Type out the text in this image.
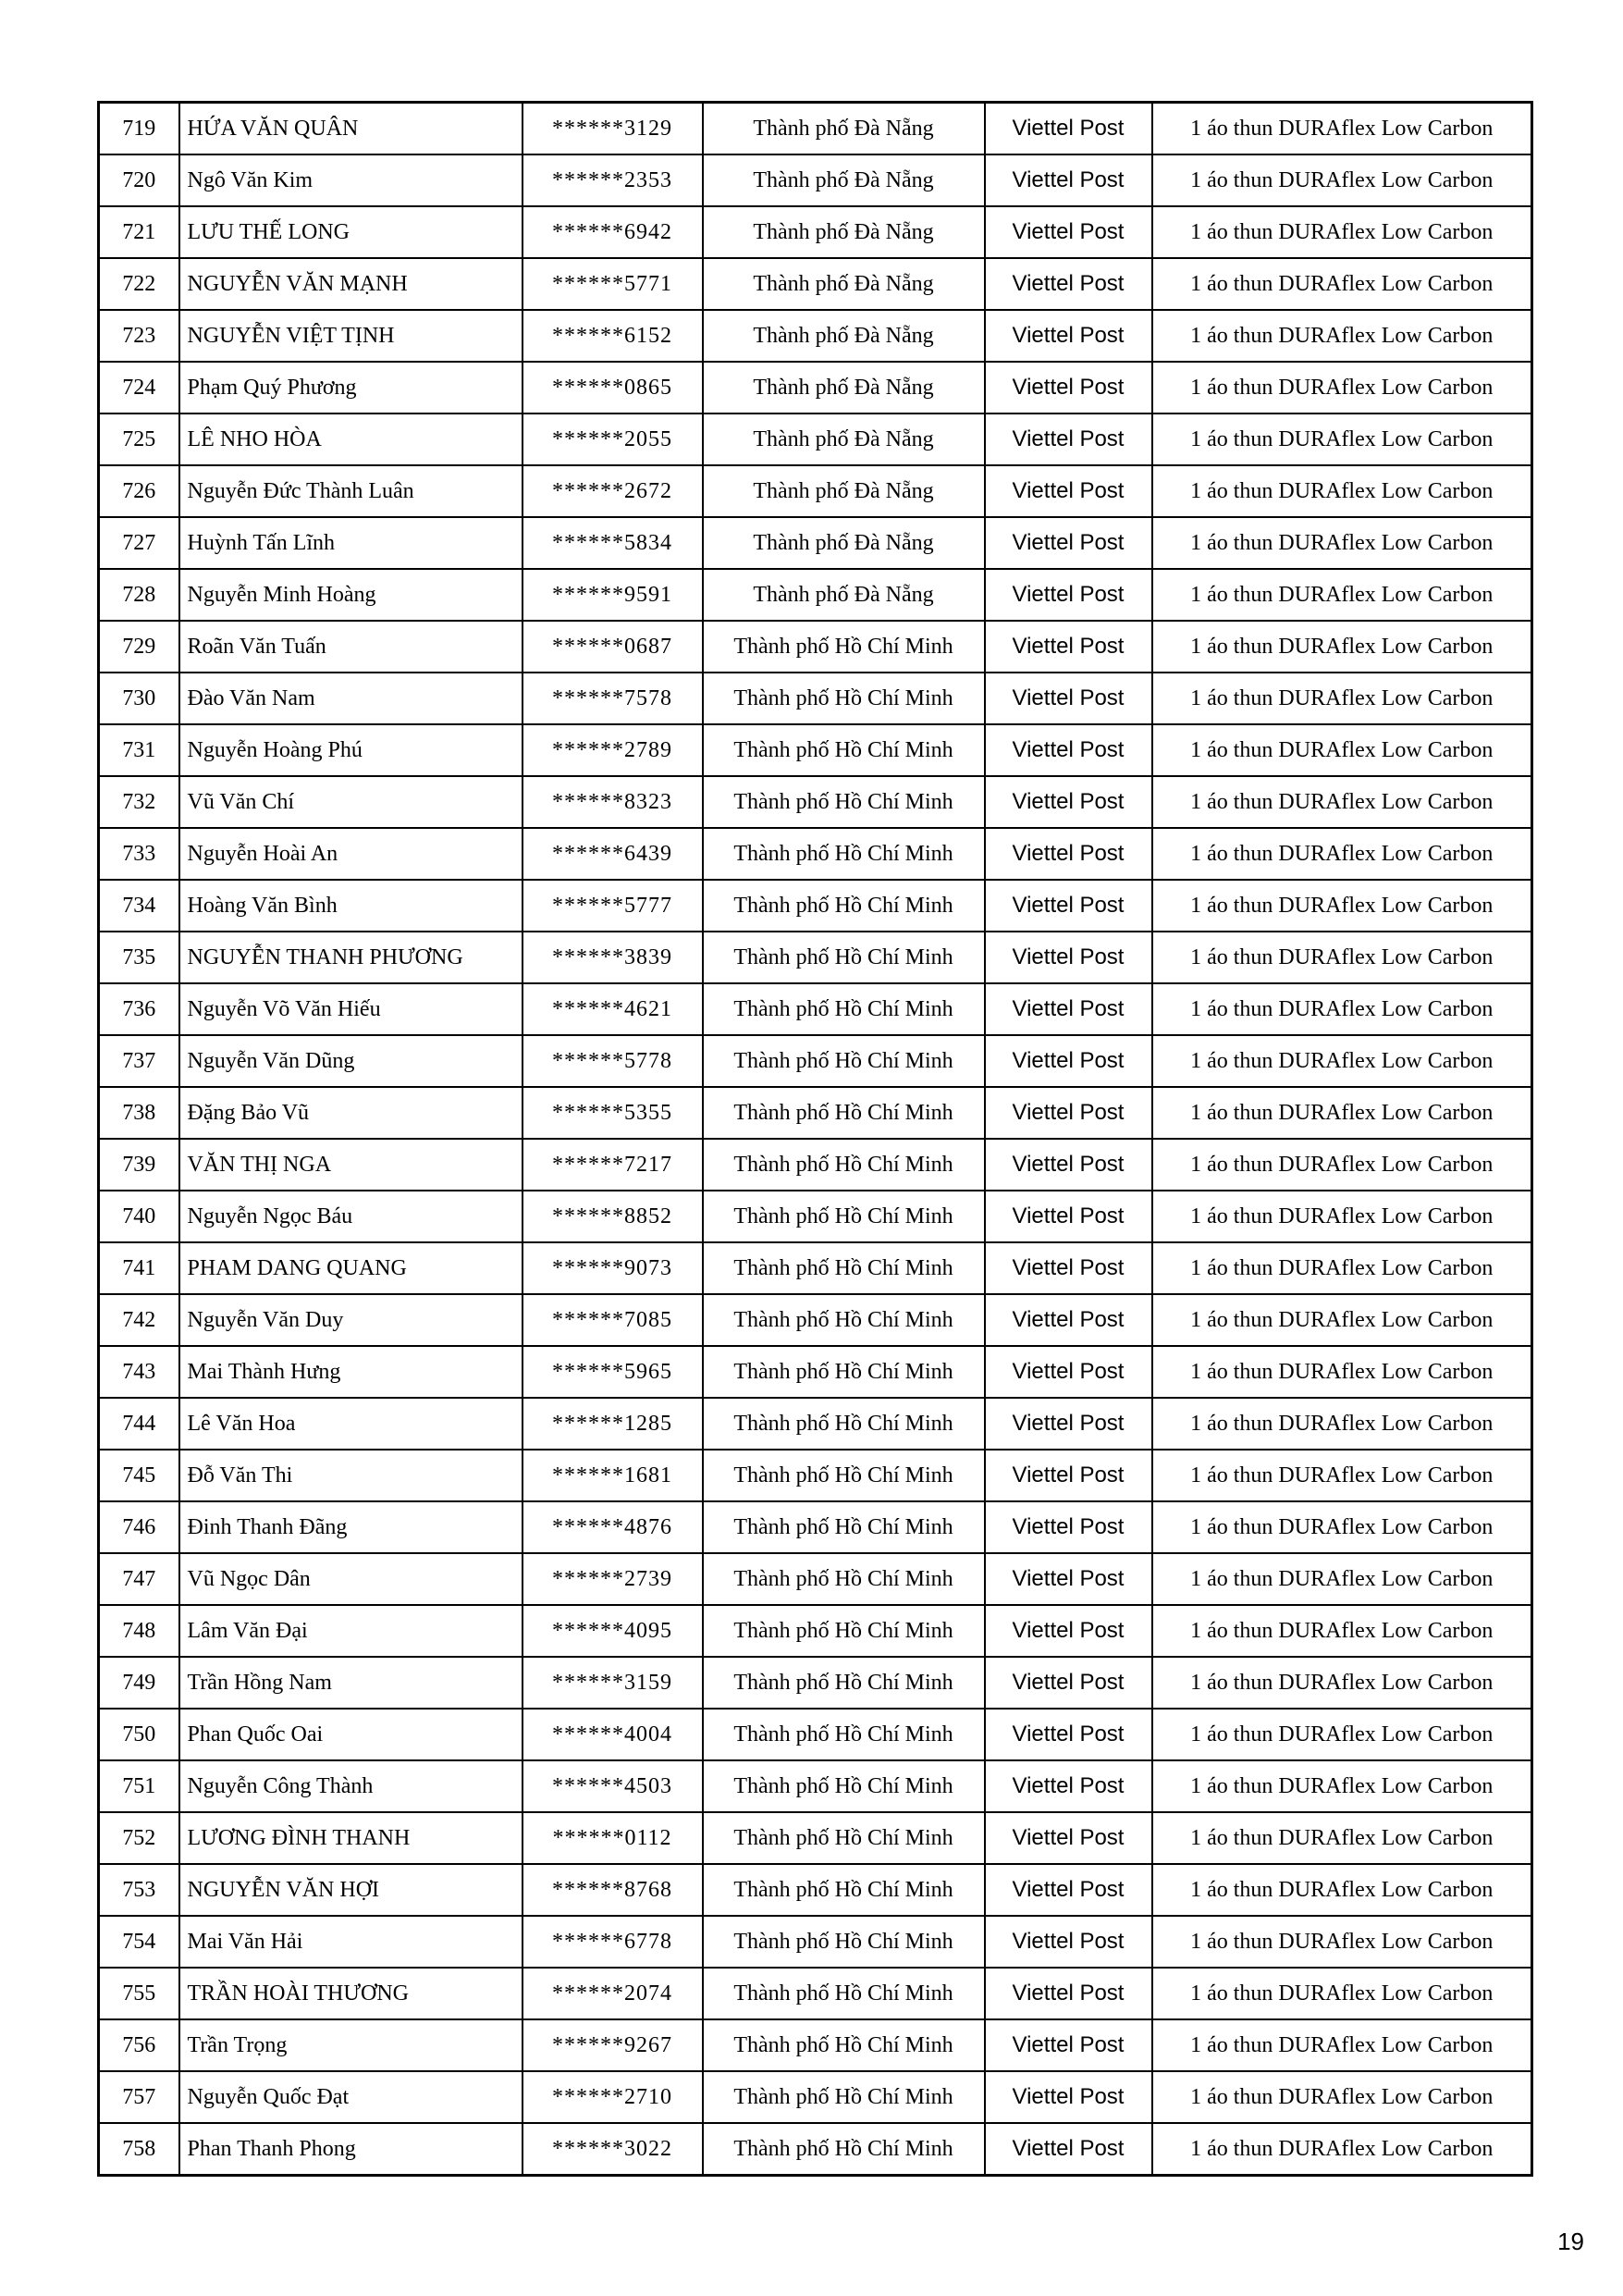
719	HỨA VĂN QUÂN	******3129	Thành phố Đà Nẵng	Viettel Post	1 áo thun DURAflex Low Carbon
720	Ngô Văn Kim	******2353	Thành phố Đà Nẵng	Viettel Post	1 áo thun DURAflex Low Carbon
721	LƯU THẾ LONG	******6942	Thành phố Đà Nẵng	Viettel Post	1 áo thun DURAflex Low Carbon
722	NGUYỄN VĂN MẠNH	******5771	Thành phố Đà Nẵng	Viettel Post	1 áo thun DURAflex Low Carbon
723	NGUYỄN VIỆT TỊNH	******6152	Thành phố Đà Nẵng	Viettel Post	1 áo thun DURAflex Low Carbon
724	Phạm Quý Phương	******0865	Thành phố Đà Nẵng	Viettel Post	1 áo thun DURAflex Low Carbon
725	LÊ NHO HÒA	******2055	Thành phố Đà Nẵng	Viettel Post	1 áo thun DURAflex Low Carbon
726	Nguyễn Đức Thành Luân	******2672	Thành phố Đà Nẵng	Viettel Post	1 áo thun DURAflex Low Carbon
727	Huỳnh Tấn Lĩnh	******5834	Thành phố Đà Nẵng	Viettel Post	1 áo thun DURAflex Low Carbon
728	Nguyễn Minh Hoàng	******9591	Thành phố Đà Nẵng	Viettel Post	1 áo thun DURAflex Low Carbon
729	Roãn Văn Tuấn	******0687	Thành phố Hồ Chí Minh	Viettel Post	1 áo thun DURAflex Low Carbon
730	Đào Văn Nam	******7578	Thành phố Hồ Chí Minh	Viettel Post	1 áo thun DURAflex Low Carbon
731	Nguyễn Hoàng Phú	******2789	Thành phố Hồ Chí Minh	Viettel Post	1 áo thun DURAflex Low Carbon
732	Vũ Văn Chí	******8323	Thành phố Hồ Chí Minh	Viettel Post	1 áo thun DURAflex Low Carbon
733	Nguyễn Hoài An	******6439	Thành phố Hồ Chí Minh	Viettel Post	1 áo thun DURAflex Low Carbon
734	Hoàng Văn Bình	******5777	Thành phố Hồ Chí Minh	Viettel Post	1 áo thun DURAflex Low Carbon
735	NGUYỄN THANH PHƯƠNG	******3839	Thành phố Hồ Chí Minh	Viettel Post	1 áo thun DURAflex Low Carbon
736	Nguyễn Võ Văn Hiếu	******4621	Thành phố Hồ Chí Minh	Viettel Post	1 áo thun DURAflex Low Carbon
737	Nguyễn Văn Dũng	******5778	Thành phố Hồ Chí Minh	Viettel Post	1 áo thun DURAflex Low Carbon
738	Đặng Bảo Vũ	******5355	Thành phố Hồ Chí Minh	Viettel Post	1 áo thun DURAflex Low Carbon
739	VĂN THỊ NGA	******7217	Thành phố Hồ Chí Minh	Viettel Post	1 áo thun DURAflex Low Carbon
740	Nguyễn Ngọc Báu	******8852	Thành phố Hồ Chí Minh	Viettel Post	1 áo thun DURAflex Low Carbon
741	PHAM DANG QUANG	******9073	Thành phố Hồ Chí Minh	Viettel Post	1 áo thun DURAflex Low Carbon
742	Nguyễn Văn Duy	******7085	Thành phố Hồ Chí Minh	Viettel Post	1 áo thun DURAflex Low Carbon
743	Mai Thành Hưng	******5965	Thành phố Hồ Chí Minh	Viettel Post	1 áo thun DURAflex Low Carbon
744	Lê Văn Hoa	******1285	Thành phố Hồ Chí Minh	Viettel Post	1 áo thun DURAflex Low Carbon
745	Đỗ Văn Thi	******1681	Thành phố Hồ Chí Minh	Viettel Post	1 áo thun DURAflex Low Carbon
746	Đinh Thanh Đãng	******4876	Thành phố Hồ Chí Minh	Viettel Post	1 áo thun DURAflex Low Carbon
747	Vũ Ngọc Dân	******2739	Thành phố Hồ Chí Minh	Viettel Post	1 áo thun DURAflex Low Carbon
748	Lâm Văn Đại	******4095	Thành phố Hồ Chí Minh	Viettel Post	1 áo thun DURAflex Low Carbon
749	Trần Hồng Nam	******3159	Thành phố Hồ Chí Minh	Viettel Post	1 áo thun DURAflex Low Carbon
750	Phan Quốc Oai	******4004	Thành phố Hồ Chí Minh	Viettel Post	1 áo thun DURAflex Low Carbon
751	Nguyễn Công Thành	******4503	Thành phố Hồ Chí Minh	Viettel Post	1 áo thun DURAflex Low Carbon
752	LƯƠNG ĐÌNH THANH	******0112	Thành phố Hồ Chí Minh	Viettel Post	1 áo thun DURAflex Low Carbon
753	NGUYỄN VĂN HỢI	******8768	Thành phố Hồ Chí Minh	Viettel Post	1 áo thun DURAflex Low Carbon
754	Mai Văn Hải	******6778	Thành phố Hồ Chí Minh	Viettel Post	1 áo thun DURAflex Low Carbon
755	TRẦN HOÀI THƯƠNG	******2074	Thành phố Hồ Chí Minh	Viettel Post	1 áo thun DURAflex Low Carbon
756	Trần Trọng	******9267	Thành phố Hồ Chí Minh	Viettel Post	1 áo thun DURAflex Low Carbon
757	Nguyễn Quốc Đạt	******2710	Thành phố Hồ Chí Minh	Viettel Post	1 áo thun DURAflex Low Carbon
758	Phan Thanh Phong	******3022	Thành phố Hồ Chí Minh	Viettel Post	1 áo thun DURAflex Low Carbon
19
